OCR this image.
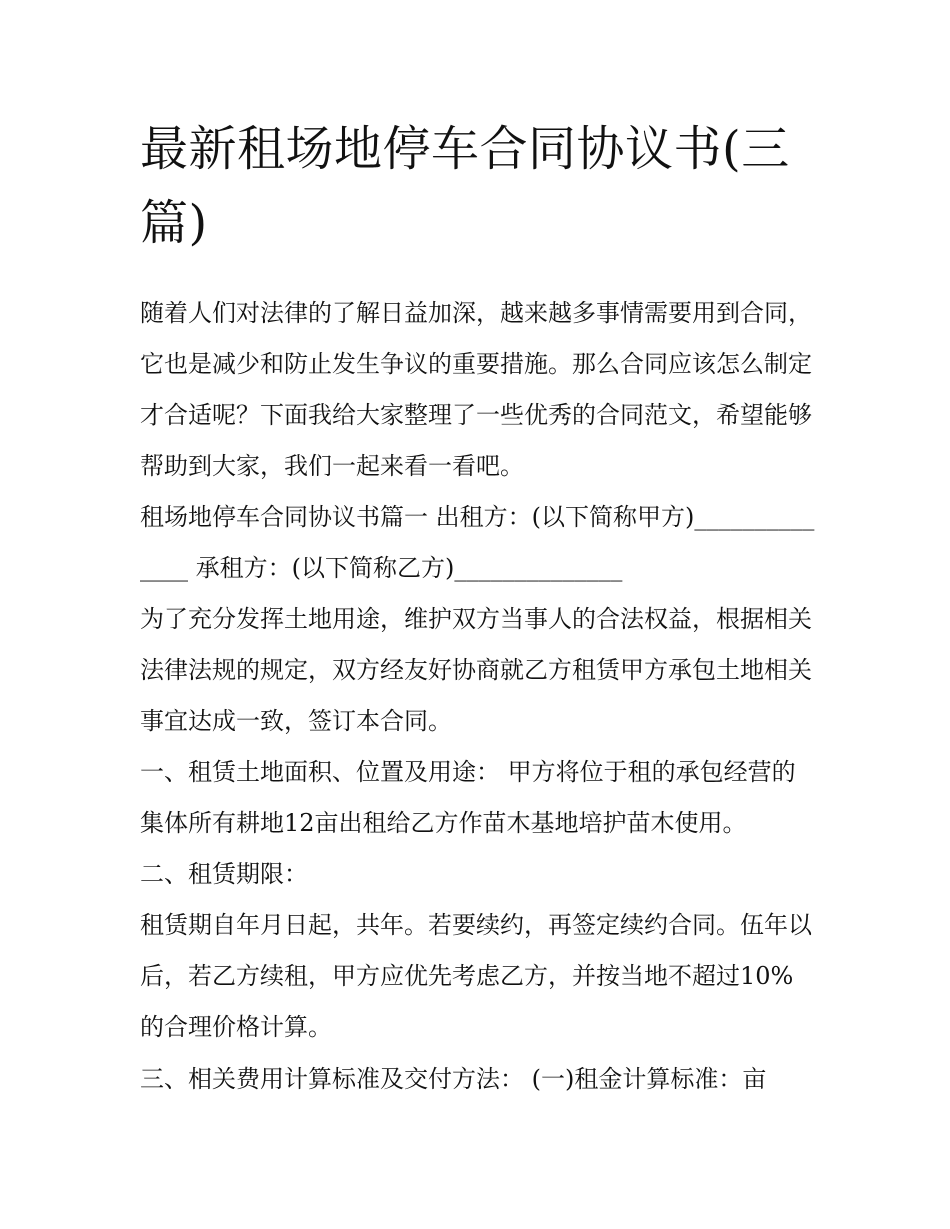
最新租场地停车合同协议书(三篇)

随着人们对法律的了解日益加深，越来越多事情需要用到合同，它也是减少和防止发生争议的重要措施。那么合同应该怎么制定才合适呢？下面我给大家整理了一些优秀的合同范文，希望能够帮助到大家，我们一起来看一看吧。

租场地停车合同协议书篇一 出租方：(以下简称甲方)______________ 承租方：(以下简称乙方)______________

为了充分发挥土地用途，维护双方当事人的合法权益，根据相关法律法规的规定，双方经友好协商就乙方租赁甲方承包土地相关事宜达成一致，签订本合同。

一、租赁土地面积、位置及用途： 甲方将位于租的承包经营的集体所有耕地12亩出租给乙方作苗木基地培护苗木使用。

二、租赁期限：

租赁期自年月日起，共年。若要续约，再签定续约合同。伍年以后，若乙方续租，甲方应优先考虑乙方，并按当地不超过10%的合理价格计算。

三、相关费用计算标准及交付方法： (一)租金计算标准：亩
